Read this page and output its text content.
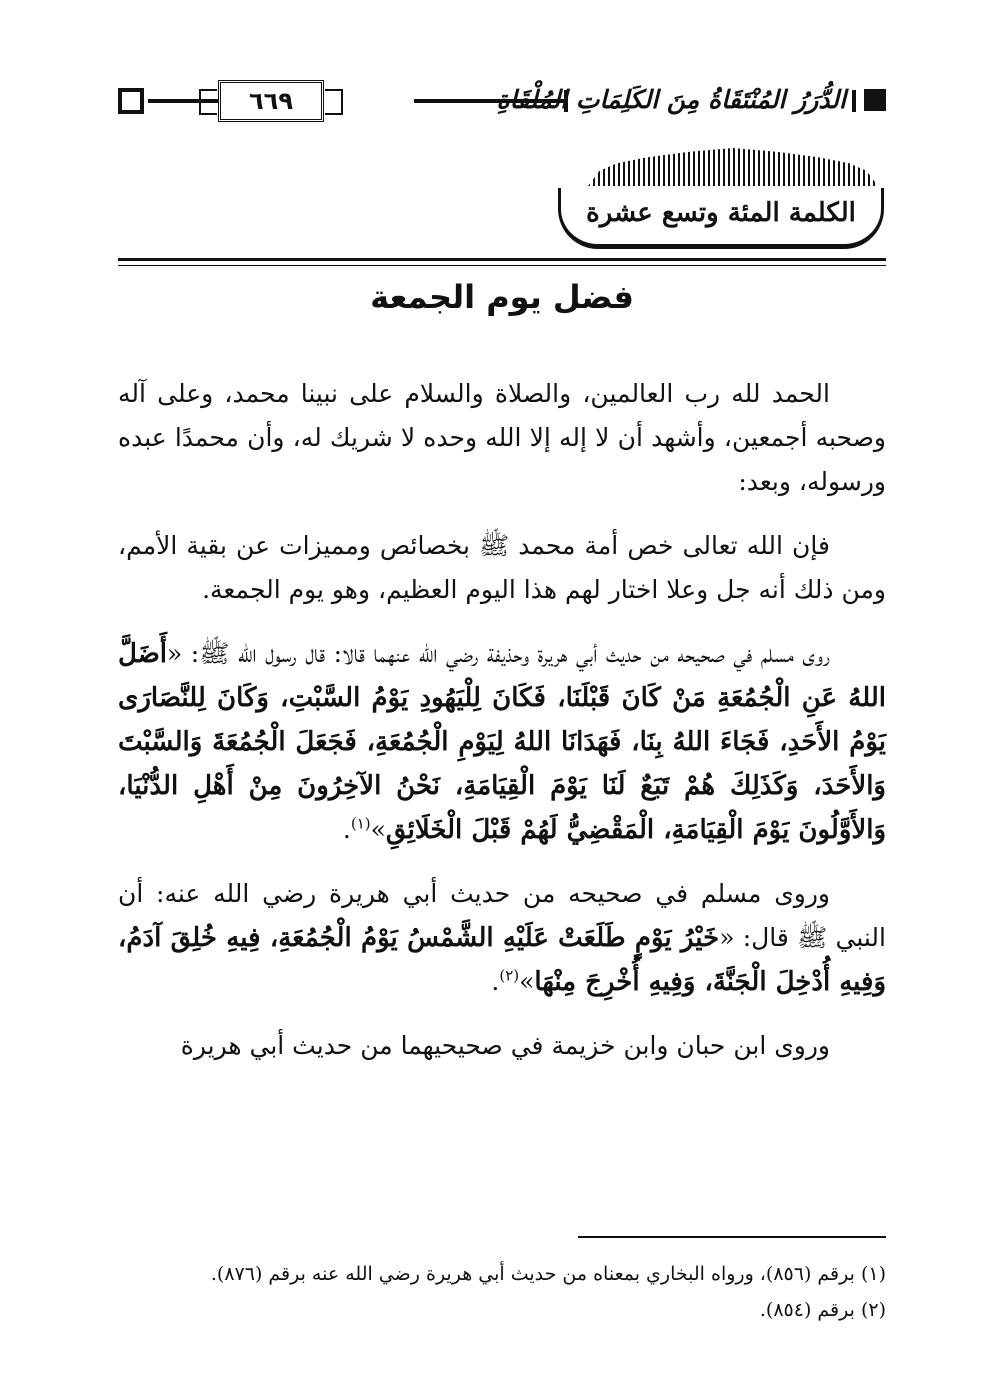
٦٦٩	الدُّرَرُ المُنْتَقَاةُ مِنَ الكَلِمَاتِ المُلْقَاةِ
الكلمة المئة وتسع عشرة
فضل يوم الجمعة

الحمد لله رب العالمين، والصلاة والسلام على نبينا محمد، وعلى آله وصحبه أجمعين، وأشهد أن لا إله إلا الله وحده لا شريك له، وأن محمدًا عبده ورسوله، وبعد:

فإن الله تعالى خص أمة محمد ﷺ بخصائص ومميزات عن بقية الأمم، ومن ذلك أنه جل وعلا اختار لهم هذا اليوم العظيم، وهو يوم الجمعة.

روى مسلم في صحيحه من حديث أبي هريرة وحذيفة رضي الله عنهما قالا: قال رسول الله ﷺ: «أَضَلَّ اللهُ عَنِ الْجُمُعَةِ مَنْ كَانَ قَبْلَنَا، فَكَانَ لِلْيَهُودِ يَوْمُ السَّبْتِ، وَكَانَ لِلنَّصَارَى يَوْمُ الأَحَدِ، فَجَاءَ اللهُ بِنَا، فَهَدَانَا اللهُ لِيَوْمِ الْجُمُعَةِ، فَجَعَلَ الْجُمُعَةَ وَالسَّبْتَ وَالأَحَدَ، وَكَذَلِكَ هُمْ تَبَعٌ لَنَا يَوْمَ الْقِيَامَةِ، نَحْنُ الآخِرُونَ مِنْ أَهْلِ الدُّنْيَا، وَالأَوَّلُونَ يَوْمَ الْقِيَامَةِ، الْمَقْضِيُّ لَهُمْ قَبْلَ الْخَلَائِقِ»$^{(١)}$.

وروى مسلم في صحيحه من حديث أبي هريرة رضي الله عنه: أن النبي ﷺ قال: «خَيْرُ يَوْمٍ طَلَعَتْ عَلَيْهِ الشَّمْسُ يَوْمُ الْجُمُعَةِ، فِيهِ خُلِقَ آدَمُ، وَفِيهِ أُدْخِلَ الْجَنَّةَ، وَفِيهِ أُخْرِجَ مِنْهَا»$^{(٢)}$.

وروى ابن حبان وابن خزيمة في صحيحيهما من حديث أبي هريرة

(١) برقم (٨٥٦)، ورواه البخاري بمعناه من حديث أبي هريرة رضي الله عنه برقم (٨٧٦).
(٢) برقم (٨٥٤).
